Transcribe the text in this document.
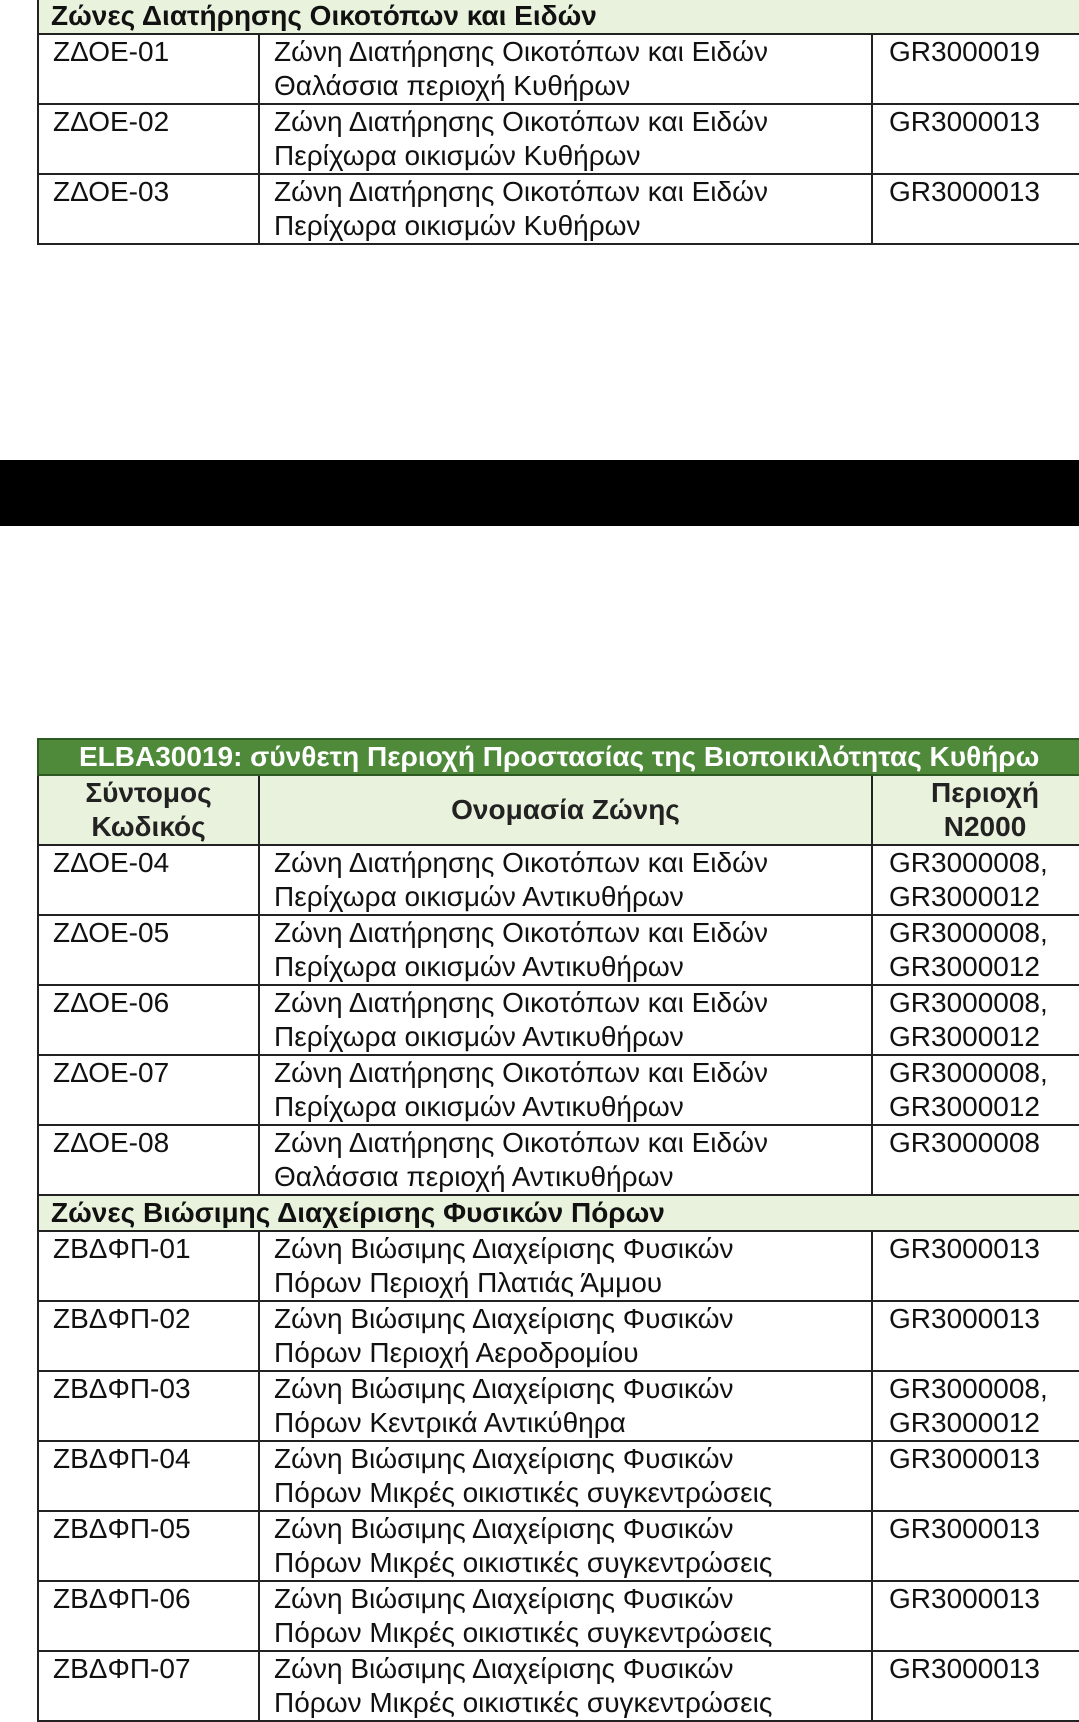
Ζώνες Διατήρησης Οικοτόπων και Ειδών		

ΖΔΟΕ-01	Ζώνη Διατήρησης Οικοτόπων και Ειδών
Θαλάσσια περιοχή Κυθήρων	GR3000019

ΖΔΟΕ-02	Ζώνη Διατήρησης Οικοτόπων και Ειδών
Περίχωρα οικισμών Κυθήρων	GR3000013

ΖΔΟΕ-03	Ζώνη Διατήρησης Οικοτόπων και Ειδών
Περίχωρα οικισμών Κυθήρων	GR3000013

ELBA30019: σύνθετη Περιοχή Προστασίας της Βιοποικιλότητας Κυθήρω		

Σύντομος
Κωδικός	Ονομασία Ζώνης	Περιοχή
N2000

ΖΔΟΕ-04	Ζώνη Διατήρησης Οικοτόπων και Ειδών
Περίχωρα οικισμών Αντικυθήρων	GR3000008,
GR3000012

ΖΔΟΕ-05	Ζώνη Διατήρησης Οικοτόπων και Ειδών
Περίχωρα οικισμών Αντικυθήρων	GR3000008,
GR3000012

ΖΔΟΕ-06	Ζώνη Διατήρησης Οικοτόπων και Ειδών
Περίχωρα οικισμών Αντικυθήρων	GR3000008,
GR3000012

ΖΔΟΕ-07	Ζώνη Διατήρησης Οικοτόπων και Ειδών
Περίχωρα οικισμών Αντικυθήρων	GR3000008,
GR3000012

ΖΔΟΕ-08	Ζώνη Διατήρησης Οικοτόπων και Ειδών
Θαλάσσια περιοχή Αντικυθήρων	GR3000008

Ζώνες Βιώσιμης Διαχείρισης Φυσικών Πόρων		

ΖΒΔΦΠ-01	Ζώνη Βιώσιμης Διαχείρισης Φυσικών
Πόρων Περιοχή Πλατιάς Άμμου	GR3000013

ΖΒΔΦΠ-02	Ζώνη Βιώσιμης Διαχείρισης Φυσικών
Πόρων Περιοχή Αεροδρομίου	GR3000013

ΖΒΔΦΠ-03	Ζώνη Βιώσιμης Διαχείρισης Φυσικών
Πόρων Κεντρικά Αντικύθηρα	GR3000008,
GR3000012

ΖΒΔΦΠ-04	Ζώνη Βιώσιμης Διαχείρισης Φυσικών
Πόρων Μικρές οικιστικές συγκεντρώσεις	GR3000013

ΖΒΔΦΠ-05	Ζώνη Βιώσιμης Διαχείρισης Φυσικών
Πόρων Μικρές οικιστικές συγκεντρώσεις	GR3000013

ΖΒΔΦΠ-06	Ζώνη Βιώσιμης Διαχείρισης Φυσικών
Πόρων Μικρές οικιστικές συγκεντρώσεις	GR3000013

ΖΒΔΦΠ-07	Ζώνη Βιώσιμης Διαχείρισης Φυσικών
Πόρων Μικρές οικιστικές συγκεντρώσεις	GR3000013
